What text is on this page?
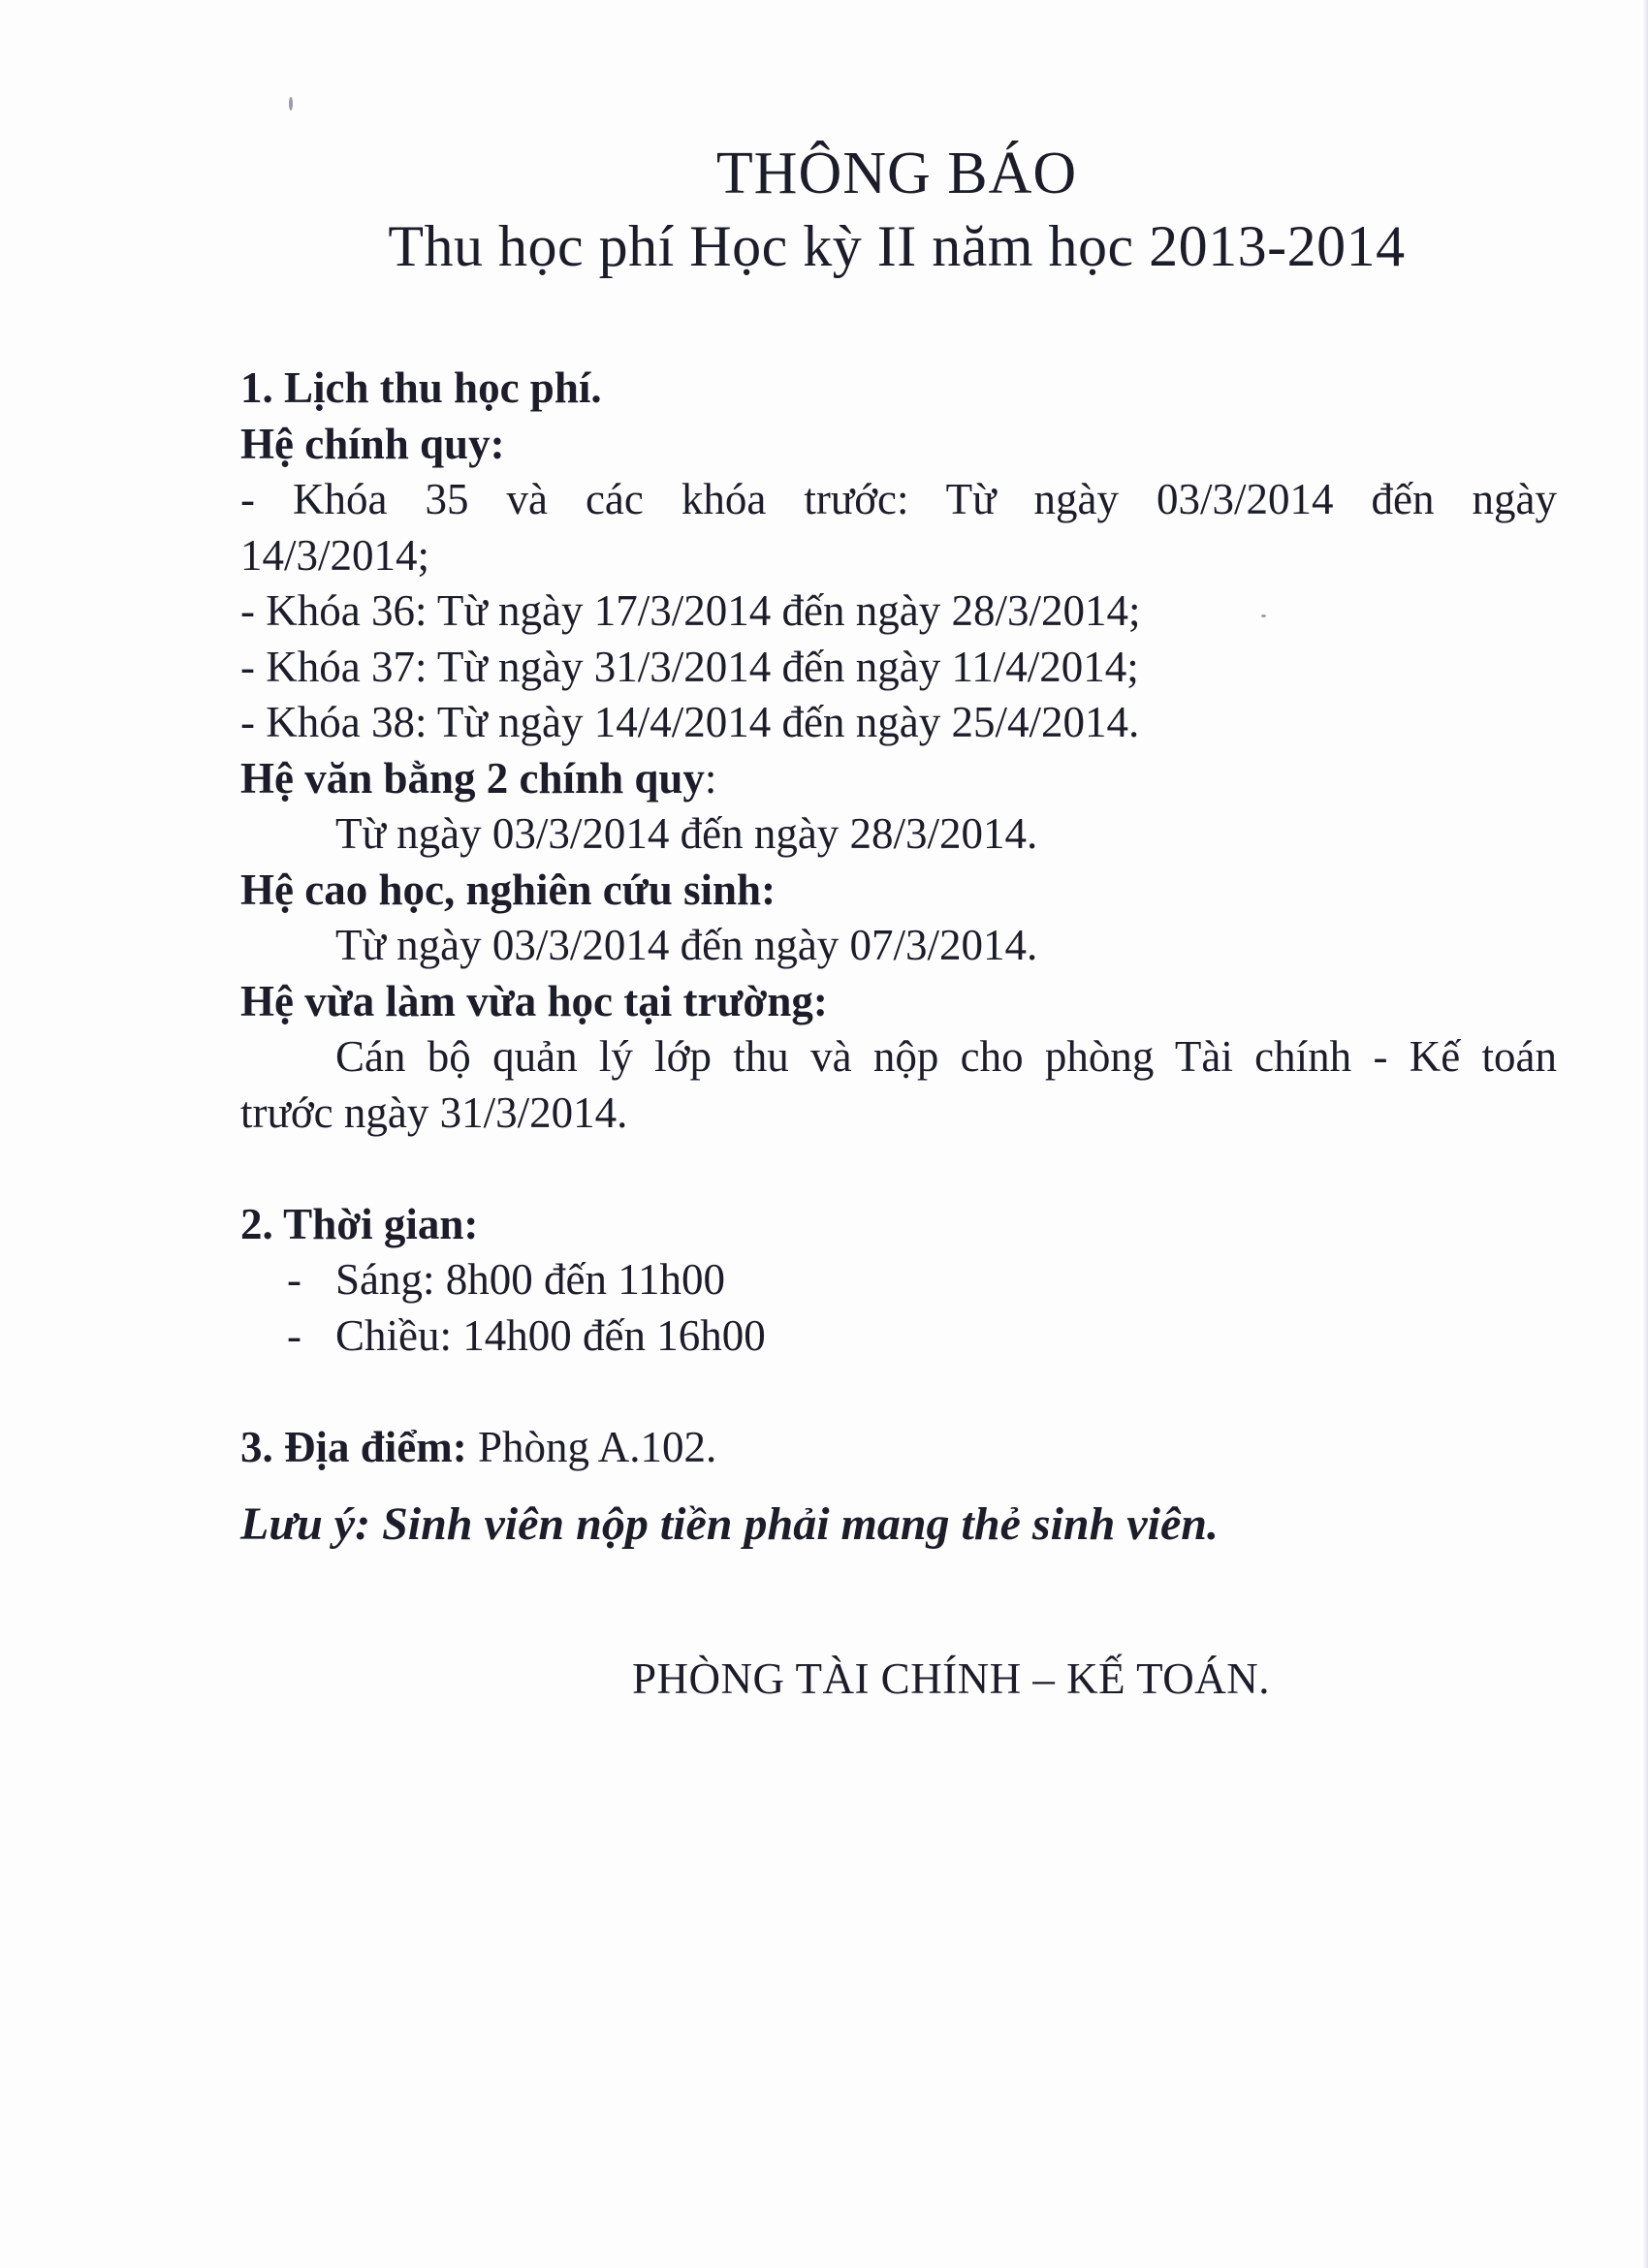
THÔNG BÁO
Thu học phí Học kỳ II năm học 2013-2014
1. Lịch thu học phí.
Hệ chính quy:
- Khóa 35 và các khóa trước: Từ ngày 03/3/2014 đến ngày
14/3/2014;
- Khóa 36: Từ ngày 17/3/2014 đến ngày 28/3/2014;
- Khóa 37: Từ ngày 31/3/2014 đến ngày 11/4/2014;
- Khóa 38: Từ ngày 14/4/2014 đến ngày 25/4/2014.
Hệ văn bằng 2 chính quy:
Từ ngày 03/3/2014 đến ngày 28/3/2014.
Hệ cao học, nghiên cứu sinh:
Từ ngày 03/3/2014 đến ngày 07/3/2014.
Hệ vừa làm vừa học tại trường:
Cán bộ quản lý lớp thu và nộp cho phòng Tài chính - Kế toán
trước ngày 31/3/2014.
2. Thời gian:
- Sáng: 8h00 đến 11h00
- Chiều: 14h00 đến 16h00
3. Địa điểm: Phòng A.102.
Lưu ý: Sinh viên nộp tiền phải mang thẻ sinh viên.
PHÒNG TÀI CHÍNH – KẾ TOÁN.
